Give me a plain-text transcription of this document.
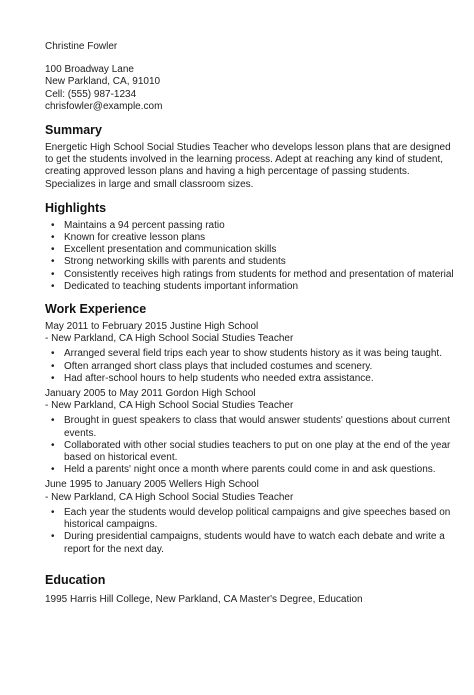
Christine Fowler
100 Broadway Lane
New Parkland, CA, 91010
Cell: (555) 987-1234
chrisfowler@example.com
Summary

Energetic High School Social Studies Teacher who develops lesson plans that are designed to get the students involved in the learning process. Adept at reaching any kind of student, creating approved lesson plans and having a high percentage of passing students. Specializes in large and small classroom sizes.

Highlights
• Maintains a 94 percent passing ratio
• Known for creative lesson plans
• Excellent presentation and communication skills
• Strong networking skills with parents and students
• Consistently receives high ratings from students for method and presentation of material
• Dedicated to teaching students important information
Work Experience
May 2011 to February 2015 Justine High School
- New Parkland, CA High School Social Studies Teacher
• Arranged several field trips each year to show students history as it was being taught.
• Often arranged short class plays that included costumes and scenery.
• Had after-school hours to help students who needed extra assistance.
January 2005 to May 2011 Gordon High School
- New Parkland, CA High School Social Studies Teacher
• Brought in guest speakers to class that would answer students' questions about current events.
• Collaborated with other social studies teachers to put on one play at the end of the year based on historical event.
• Held a parents' night once a month where parents could come in and ask questions.
June 1995 to January 2005 Wellers High School
- New Parkland, CA High School Social Studies Teacher
• Each year the students would develop political campaigns and give speeches based on historical campaigns.
• During presidential campaigns, students would have to watch each debate and write a report for the next day.
Education

1995 Harris Hill College, New Parkland, CA Master's Degree, Education
